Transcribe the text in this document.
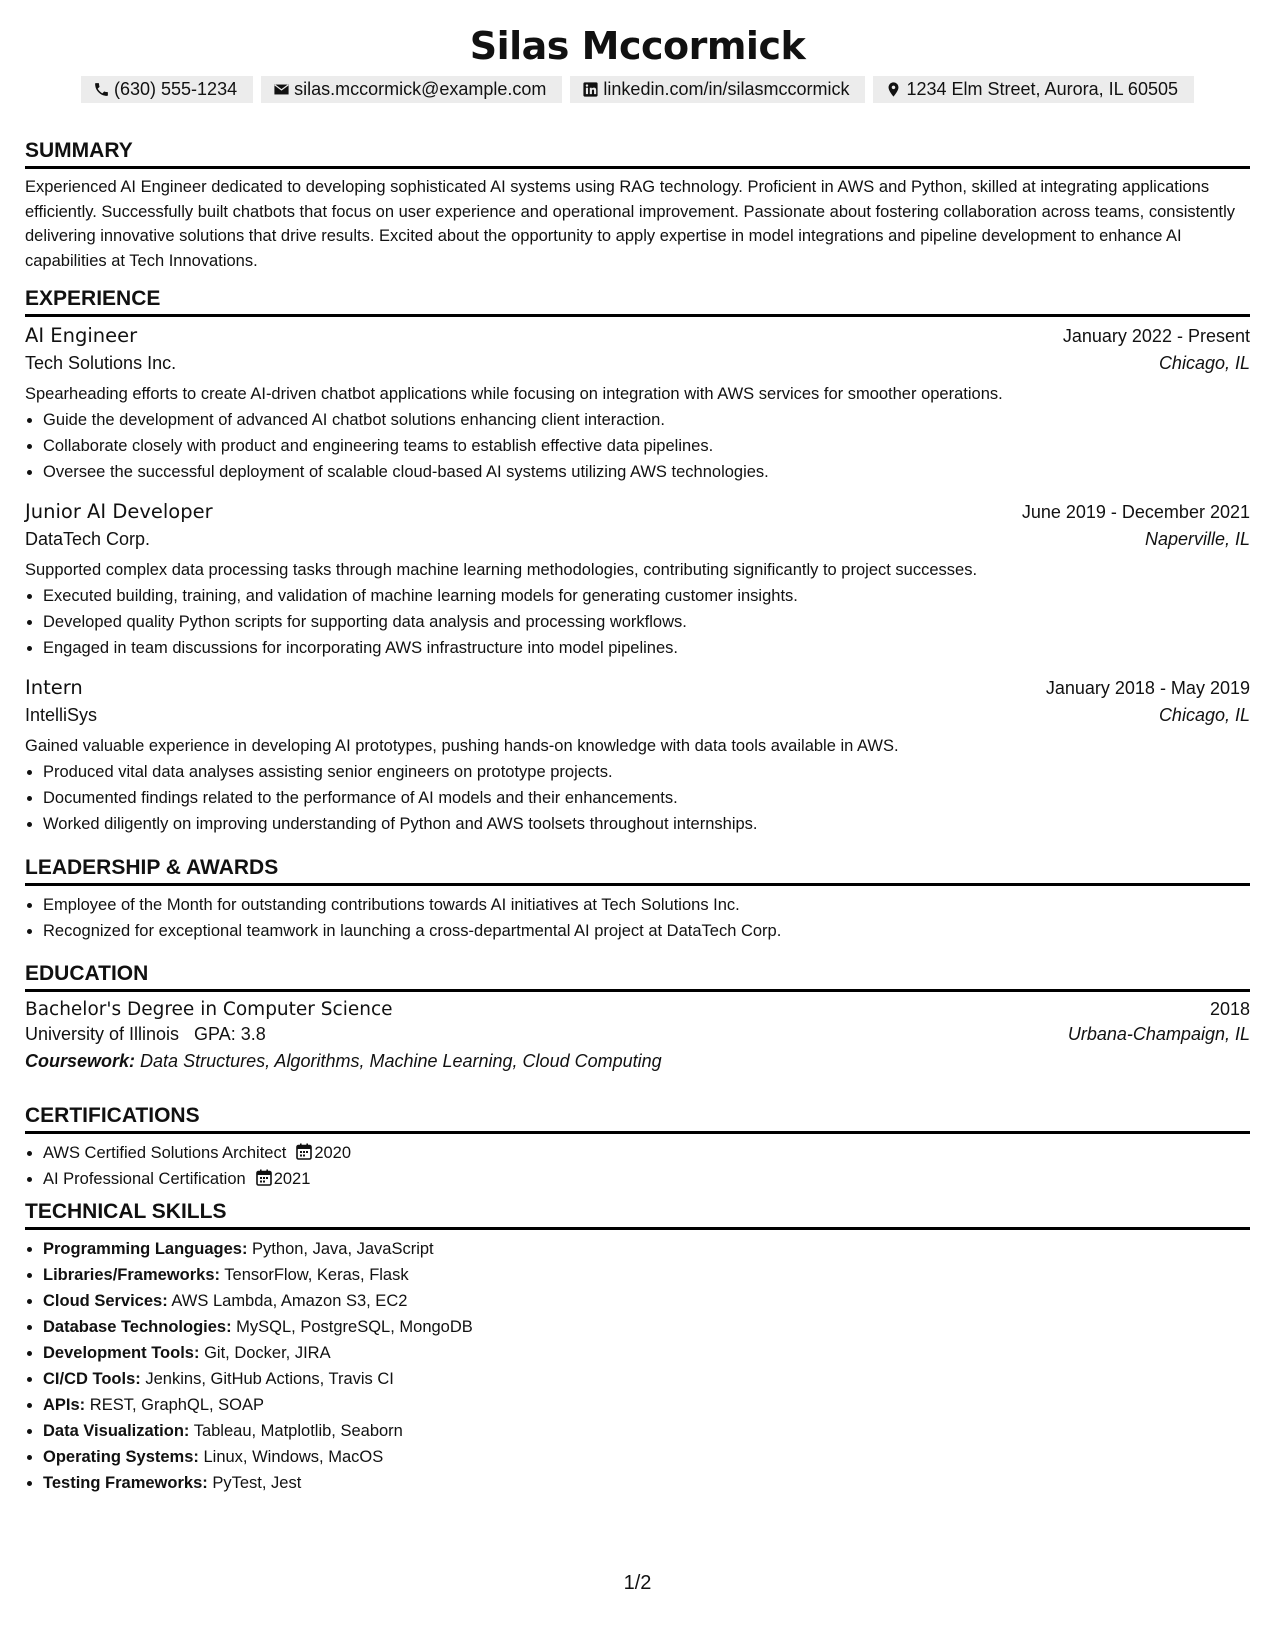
Silas Mccormick
(630) 555-1234	silas.mccormick@example.com	linkedin.com/in/silasmccormick	1234 Elm Street, Aurora, IL 60505
SUMMARY
Experienced AI Engineer dedicated to developing sophisticated AI systems using RAG technology. Proficient in AWS and Python, skilled at integrating applications efficiently. Successfully built chatbots that focus on user experience and operational improvement. Passionate about fostering collaboration across teams, consistently delivering innovative solutions that drive results. Excited about the opportunity to apply expertise in model integrations and pipeline development to enhance AI capabilities at Tech Innovations.
EXPERIENCE
AI Engineer	January 2022 - Present
Tech Solutions Inc.	Chicago, IL
Spearheading efforts to create AI-driven chatbot applications while focusing on integration with AWS services for smoother operations.
• Guide the development of advanced AI chatbot solutions enhancing client interaction.
• Collaborate closely with product and engineering teams to establish effective data pipelines.
• Oversee the successful deployment of scalable cloud-based AI systems utilizing AWS technologies.
Junior AI Developer	June 2019 - December 2021
DataTech Corp.	Naperville, IL
Supported complex data processing tasks through machine learning methodologies, contributing significantly to project successes.
• Executed building, training, and validation of machine learning models for generating customer insights.
• Developed quality Python scripts for supporting data analysis and processing workflows.
• Engaged in team discussions for incorporating AWS infrastructure into model pipelines.
Intern	January 2018 - May 2019
IntelliSys	Chicago, IL
Gained valuable experience in developing AI prototypes, pushing hands-on knowledge with data tools available in AWS.
• Produced vital data analyses assisting senior engineers on prototype projects.
• Documented findings related to the performance of AI models and their enhancements.
• Worked diligently on improving understanding of Python and AWS toolsets throughout internships.
LEADERSHIP & AWARDS
• Employee of the Month for outstanding contributions towards AI initiatives at Tech Solutions Inc.
• Recognized for exceptional teamwork in launching a cross-departmental AI project at DataTech Corp.
EDUCATION
Bachelor's Degree in Computer Science	2018
University of Illinois GPA: 3.8	Urbana-Champaign, IL
Coursework: Data Structures, Algorithms, Machine Learning, Cloud Computing
CERTIFICATIONS
• AWS Certified Solutions Architect 2020
• AI Professional Certification 2021
TECHNICAL SKILLS
• Programming Languages: Python, Java, JavaScript
• Libraries/Frameworks: TensorFlow, Keras, Flask
• Cloud Services: AWS Lambda, Amazon S3, EC2
• Database Technologies: MySQL, PostgreSQL, MongoDB
• Development Tools: Git, Docker, JIRA
• CI/CD Tools: Jenkins, GitHub Actions, Travis CI
• APIs: REST, GraphQL, SOAP
• Data Visualization: Tableau, Matplotlib, Seaborn
• Operating Systems: Linux, Windows, MacOS
• Testing Frameworks: PyTest, Jest
1/2
